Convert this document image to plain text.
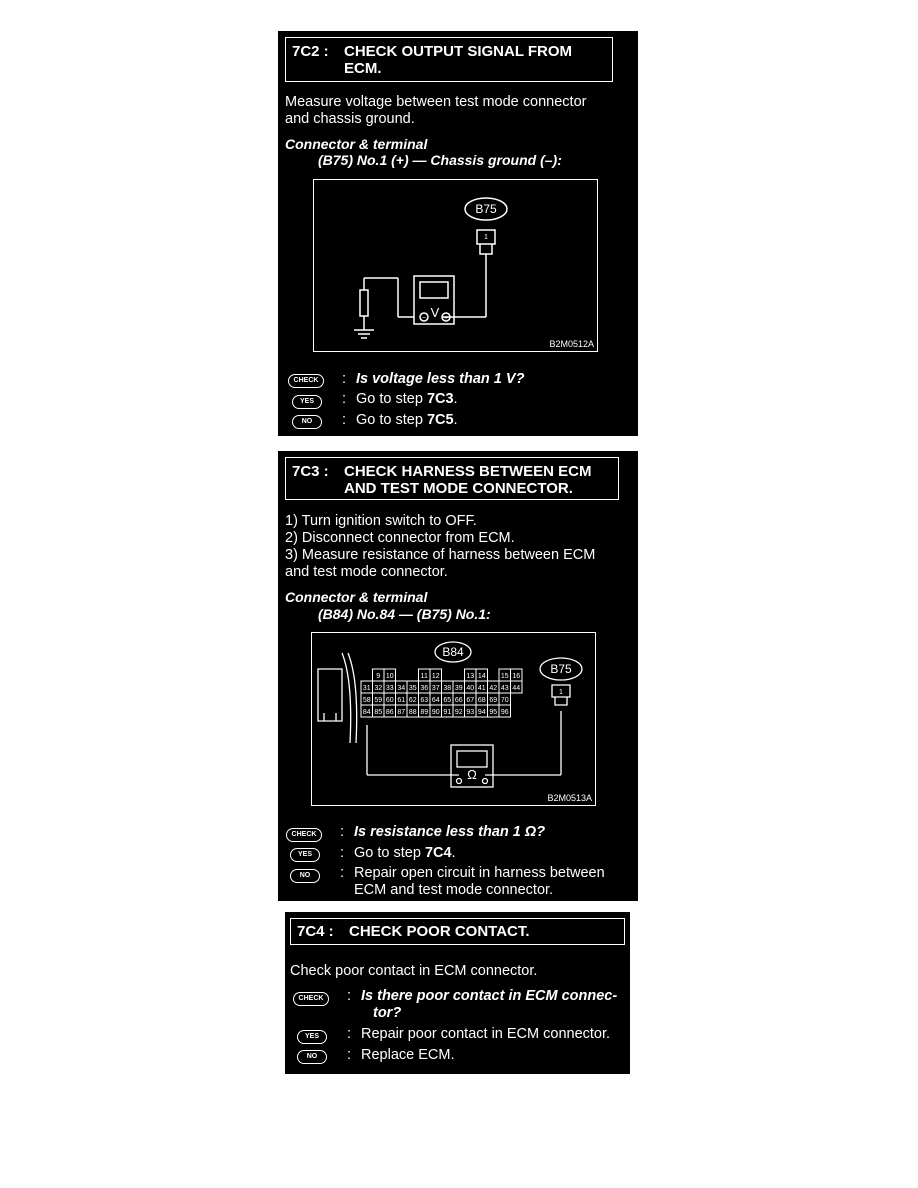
7C2 : CHECK OUTPUT SIGNAL FROM
ECM.
Measure voltage between test mode connector
and chassis ground.
Connector & terminal
(B75) No.1 (+) — Chassis ground (–):
B75
1
V
−	+
B2M0512A
CHECK	: Is voltage less than 1 V?
YES	: Go to step 7C3.
NO	: Go to step 7C5.
7C3 : CHECK HARNESS BETWEEN ECM
AND TEST MODE CONNECTOR.
1) Turn ignition switch to OFF.
2) Disconnect connector from ECM.
3) Measure resistance of harness between ECM
and test mode connector.
Connector & terminal
(B84) No.84 — (B75) No.1:
9 10	11 12	13 14 15 16
31 32 33 34 35 36 37 38 39 40 41 42 43 44
58 59 60 61 62 63 64 65 66 67 68 69 70
84 85 86 87 88 89 90 91 92 93 94 95 96
B75
B84
1
Ω
B2M0513A
CHECK	: Is resistance less than 1 Ω?
YES	: Go to step 7C4.
NO	: Repair open circuit in harness between
ECM and test mode connector.
7C4 : CHECK POOR CONTACT.
Check poor contact in ECM connector.
CHECK	: Is there poor contact in ECM connec-
tor?
YES	: Repair poor contact in ECM connector.
NO	: Replace ECM.
